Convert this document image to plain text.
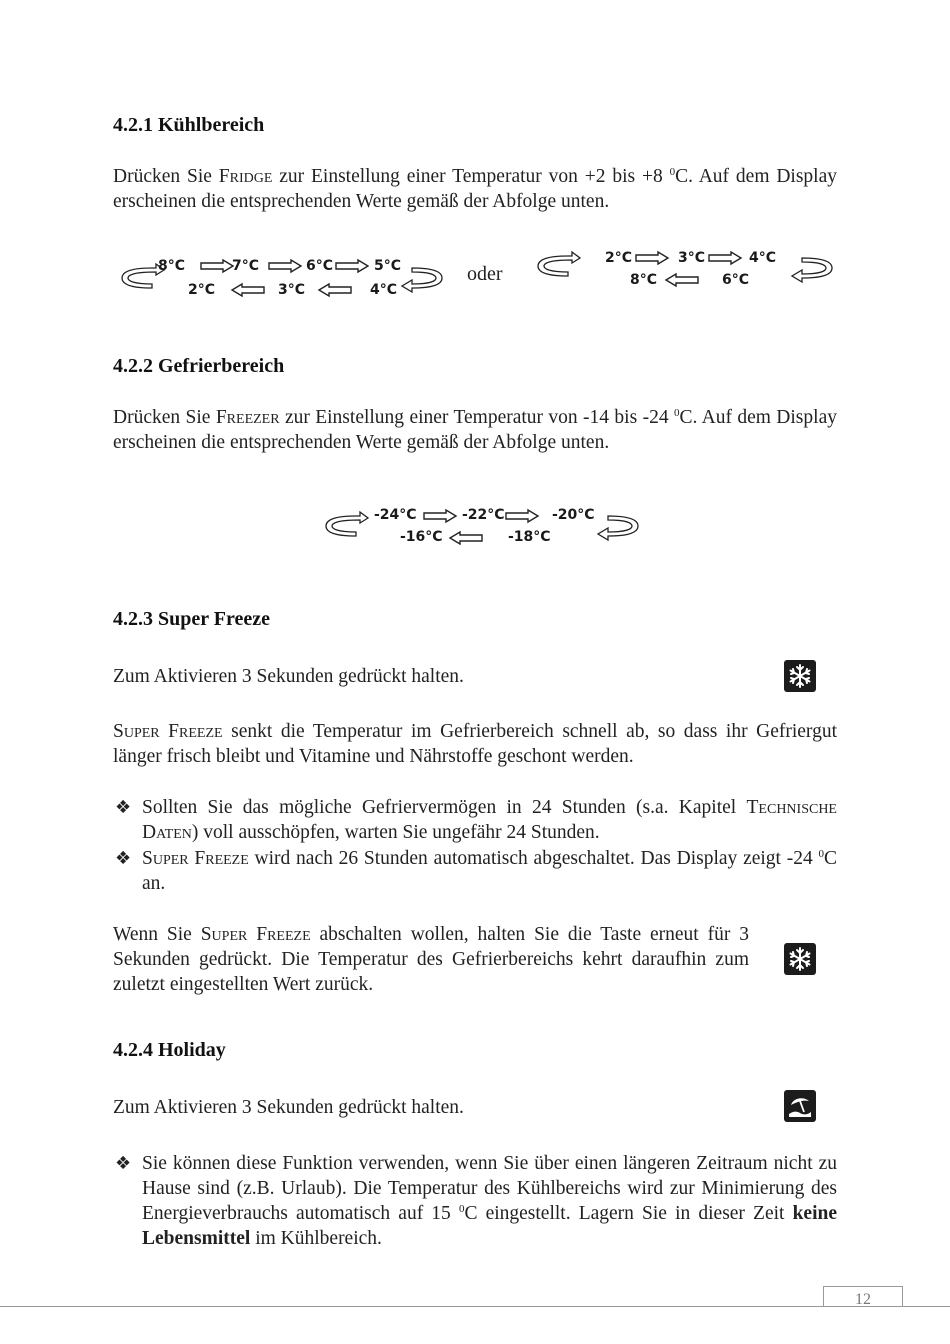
4.2.1 Kühlbereich

Drücken Sie Fridge zur Einstellung einer Temperatur von +2 bis +8 $^0$C. Auf dem Display erscheinen die entsprechenden Werte gemäß der Abfolge unten.

8°C	7°C	6°C	5°C
2°C	3°C	4°C
oder
2°C	3°C	4°C
8°C	6°C
4.2.2 Gefrierbereich

Drücken Sie Freezer zur Einstellung einer Temperatur von -14 bis -24 $^0$C. Auf dem Display erscheinen die entsprechenden Werte gemäß der Abfolge unten.

-24°C	-22°C	-20°C
-16°C	-18°C
4.2.3 Super Freeze

Zum Aktivieren 3 Sekunden gedrückt halten.

Super Freeze senkt die Temperatur im Gefrierbereich schnell ab, so dass ihr Gefriergut länger frisch bleibt und Vitamine und Nährstoffe geschont werden.

❖ Sollten Sie das mögliche Gefriervermögen in 24 Stunden (s.a. Kapitel Technische Daten) voll ausschöpfen, warten Sie ungefähr 24 Stunden.
❖ Super Freeze wird nach 26 Stunden automatisch abgeschaltet. Das Display zeigt -24 $^0$C an.

Wenn Sie Super Freeze abschalten wollen, halten Sie die Taste erneut für 3 Sekunden gedrückt. Die Temperatur des Gefrierbereichs kehrt daraufhin zum zuletzt eingestellten Wert zurück.

4.2.4 Holiday

Zum Aktivieren 3 Sekunden gedrückt halten.

❖ Sie können diese Funktion verwenden, wenn Sie über einen längeren Zeitraum nicht zu Hause sind (z.B. Urlaub). Die Temperatur des Kühlbereichs wird zur Minimierung des Energieverbrauchs automatisch auf 15 $^0$C eingestellt. Lagern Sie in dieser Zeit keine Lebensmittel im Kühlbereich.
12
